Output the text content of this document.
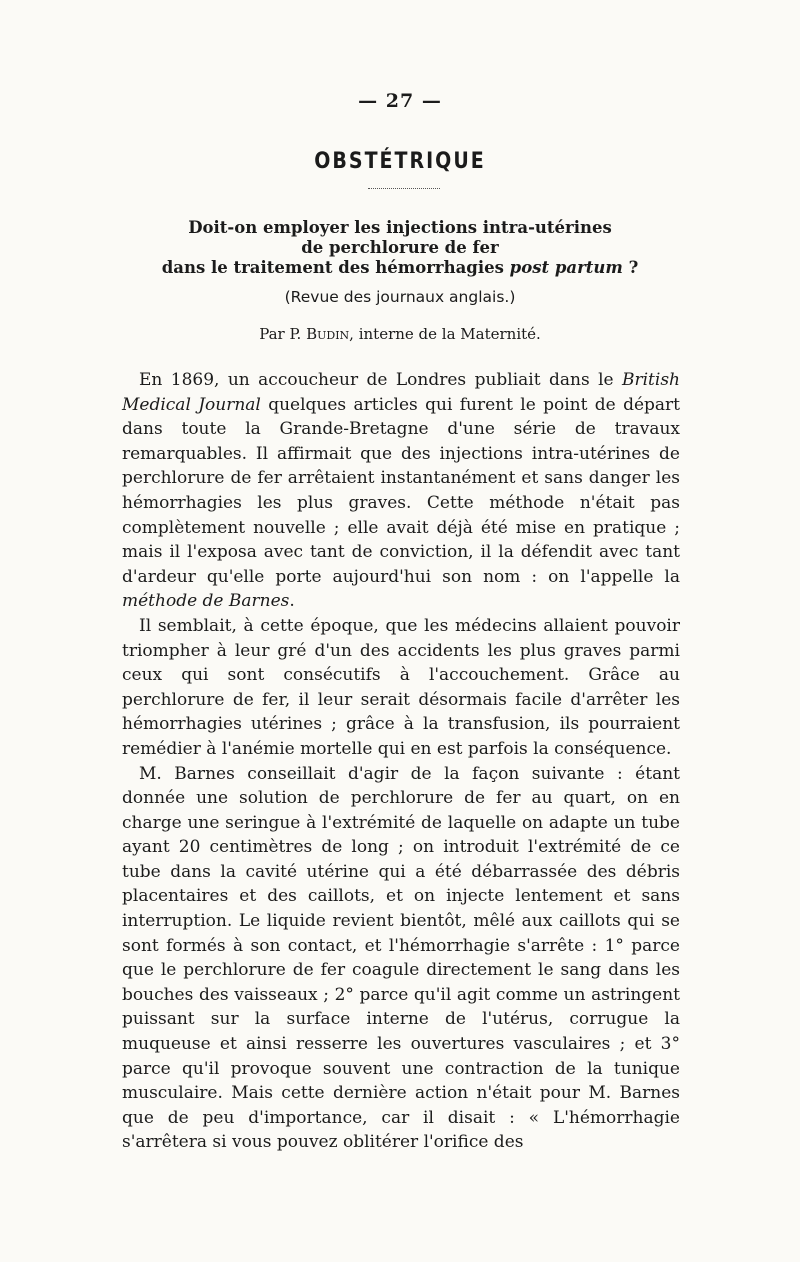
— 27 —
OBSTÉTRIQUE
Doit-on employer les injections intra-utérines
de perchlorure de fer
dans le traitement des hémorrhagies post partum ?
(Revue des journaux anglais.)
Par P. Budin, interne de la Maternité.

En 1869, un accoucheur de Londres publiait dans le British Medical Journal quelques articles qui furent le point de départ dans toute la Grande-Bretagne d'une série de travaux remarquables. Il affirmait que des injections intra-utérines de perchlorure de fer arrêtaient instantanément et sans danger les hémorrhagies les plus graves. Cette méthode n'était pas complètement nouvelle ; elle avait déjà été mise en pratique ; mais il l'exposa avec tant de conviction, il la défendit avec tant d'ardeur qu'elle porte aujourd'hui son nom : on l'appelle la méthode de Barnes.

Il semblait, à cette époque, que les médecins allaient pouvoir triompher à leur gré d'un des accidents les plus graves parmi ceux qui sont consécutifs à l'accouchement. Grâce au perchlorure de fer, il leur serait désormais facile d'arrêter les hémorrhagies utérines ; grâce à la transfusion, ils pourraient remédier à l'anémie mortelle qui en est parfois la conséquence.

M. Barnes conseillait d'agir de la façon suivante : étant donnée une solution de perchlorure de fer au quart, on en charge une seringue à l'extrémité de laquelle on adapte un tube ayant 20 centimètres de long ; on introduit l'extrémité de ce tube dans la cavité utérine qui a été débarrassée des débris placentaires et des caillots, et on injecte lentement et sans interruption. Le liquide revient bientôt, mêlé aux caillots qui se sont formés à son contact, et l'hémorrhagie s'arrête : 1° parce que le perchlorure de fer coagule directement le sang dans les bouches des vaisseaux ; 2° parce qu'il agit comme un astringent puissant sur la surface interne de l'utérus, corrugue la muqueuse et ainsi resserre les ouvertures vasculaires ; et 3° parce qu'il provoque souvent une contraction de la tunique musculaire. Mais cette dernière action n'était pour M. Barnes que de peu d'importance, car il disait : « L'hémorrhagie s'arrêtera si vous pouvez oblitérer l'orifice des
